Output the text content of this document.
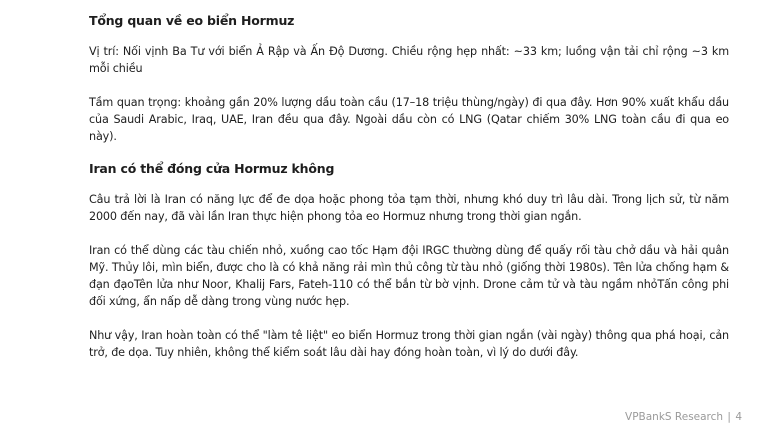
Tổng quan về eo biển Hormuz

Vị trí: Nối vịnh Ba Tư với biển Ả Rập và Ấn Độ Dương. Chiều rộng hẹp nhất: ~33 km; luồng vận tải chỉ rộng ~3 km mỗi chiều

Tầm quan trọng: khoảng gần 20% lượng dầu toàn cầu (17–18 triệu thùng/ngày) đi qua đây. Hơn 90% xuất khẩu dầu của Saudi Arabic, Iraq, UAE, Iran đều qua đây. Ngoài dầu còn có LNG (Qatar chiếm 30% LNG toàn cầu đi qua eo này).

Iran có thể đóng cửa Hormuz không

Câu trả lời là Iran có năng lực để đe dọa hoặc phong tỏa tạm thời, nhưng khó duy trì lâu dài. Trong lịch sử, từ năm 2000 đến nay, đã vài lần Iran thực hiện phong tỏa eo Hormuz nhưng trong thời gian ngắn.

Iran có thể dùng các tàu chiến nhỏ, xuồng cao tốc Hạm đội IRGC thường dùng để quấy rối tàu chở dầu và hải quân Mỹ. Thủy lôi, mìn biển, được cho là có khả năng rải mìn thủ công từ tàu nhỏ (giống thời 1980s). Tên lửa chống hạm & đạn đạoTên lửa như Noor, Khalij Fars, Fateh-110 có thể bắn từ bờ vịnh. Drone cảm tử và tàu ngầm nhỏTấn công phi đối xứng, ẩn nấp dễ dàng trong vùng nước hẹp.

Như vậy, Iran hoàn toàn có thể "làm tê liệt" eo biển Hormuz trong thời gian ngắn (vài ngày) thông qua phá hoại, cản trở, đe dọa. Tuy nhiên, không thể kiểm soát lâu dài hay đóng hoàn toàn, vì lý do dưới đây.

VPBankS Research | 4
